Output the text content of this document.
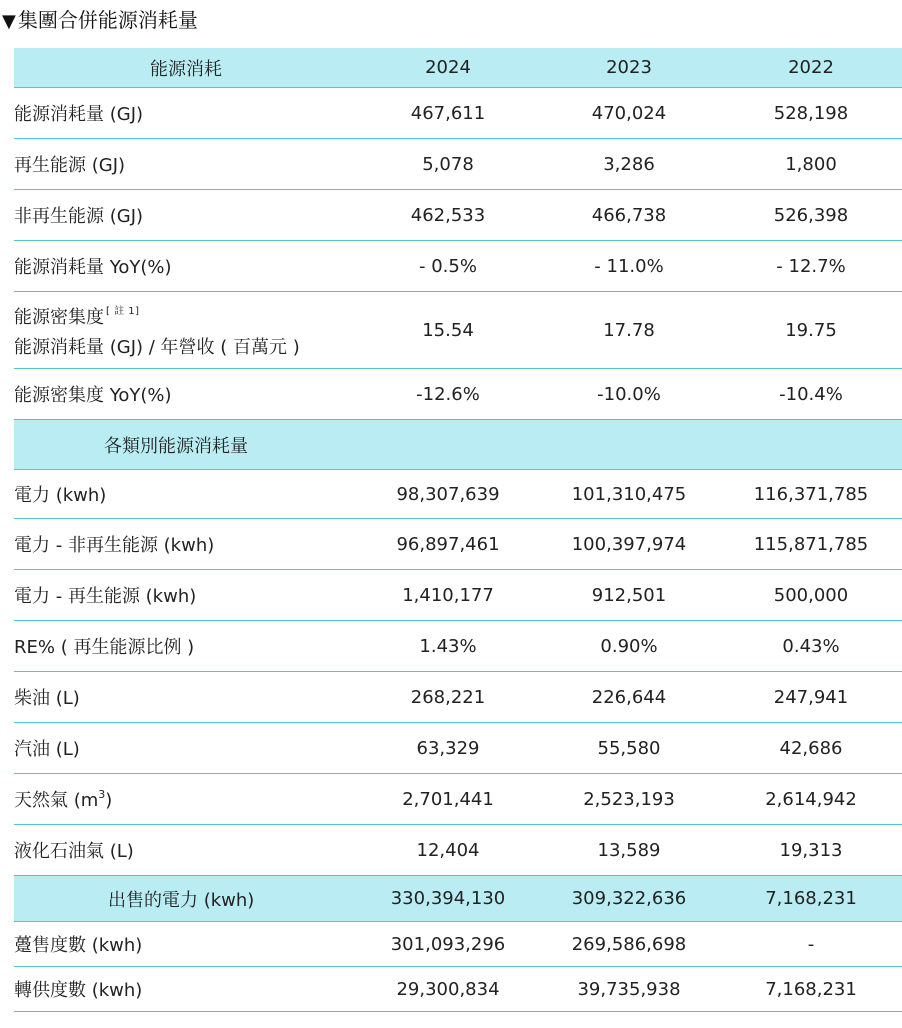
▼ 集團合併能源消耗量
能源消耗	2024	2023	2022
能源消耗量 (GJ)	467,611	470,024	528,198
再生能源 (GJ)	5,078	3,286	1,800
非再生能源 (GJ)	462,533	466,738	526,398
能源消耗量 YoY(%)	- 0.5%	- 11.0%	- 12.7%

能源密集度 [ 註 1]
能源消耗量 (GJ) / 年營收 ( 百萬元 )	15.54	17.78	19.75
能源密集度 YoY(%)	-12.6%	-10.0%	-10.4%
各類別能源消耗量			
電力 (kwh)	98,307,639	101,310,475	116,371,785
電力 - 非再生能源 (kwh)	96,897,461	100,397,974	115,871,785
電力 - 再生能源 (kwh)	1,410,177	912,501	500,000
RE% ( 再生能源比例 )	1.43%	0.90%	0.43%
柴油 (L)	268,221	226,644	247,941
汽油 (L)	63,329	55,580	42,686
天然氣 $(m^3)$	2,701,441	2,523,193	2,614,942
液化石油氣 (L)	12,404	13,589	19,313
出售的電力 (kwh)	330,394,130	309,322,636	7,168,231
躉售度數 (kwh)	301,093,296	269,586,698	-
轉供度數 (kwh)	29,300,834	39,735,938	7,168,231
